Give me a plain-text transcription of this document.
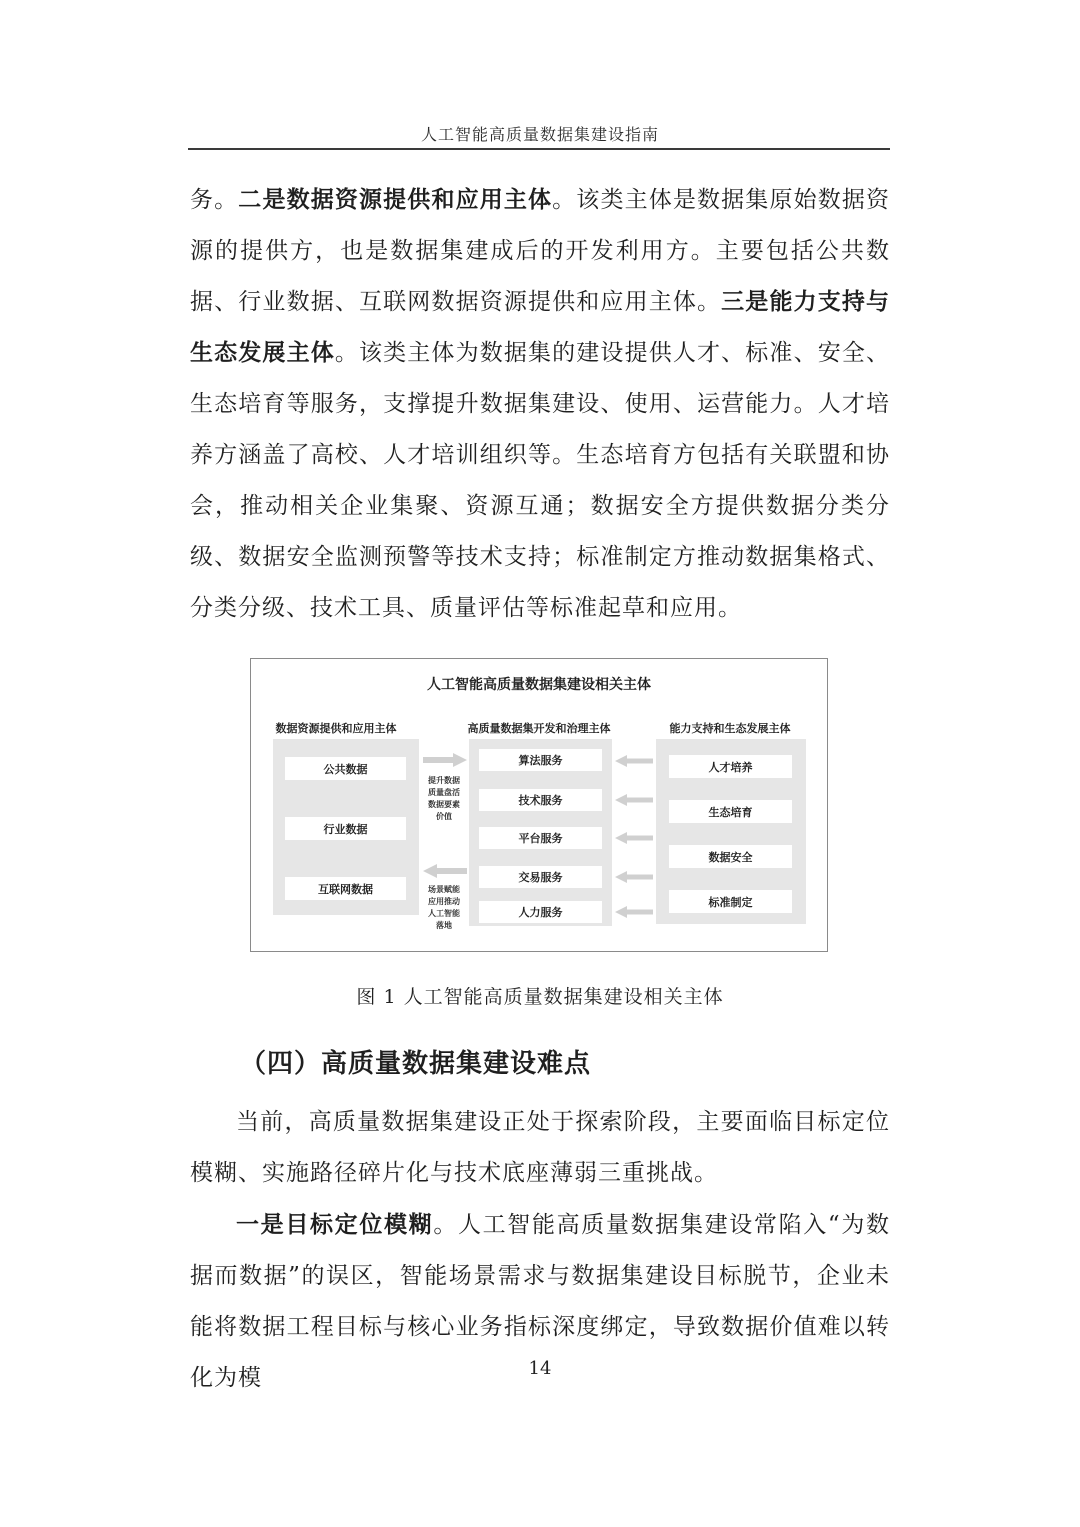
人工智能高质量数据集建设指南

务。二是数据资源提供和应用主体。该类主体是数据集原始数据资源的提供方，也是数据集建成后的开发利用方。主要包括公共数据、行业数据、互联网数据资源提供和应用主体。三是能力支持与生态发展主体。该类主体为数据集的建设提供人才、标准、安全、生态培育等服务，支撑提升数据集建设、使用、运营能力。人才培养方涵盖了高校、人才培训组织等。生态培育方包括有关联盟和协会，推动相关企业集聚、资源互通；数据安全方提供数据分类分级、数据安全监测预警等技术支持；标准制定方推动数据集格式、分类分级、技术工具、质量评估等标准起草和应用。

人工智能高质量数据集建设相关主体
数据资源提供和应用主体	高质量数据集开发和治理主体	能力支持和生态发展主体
公共数据
行业数据
互联网数据
算法服务
技术服务
平台服务
交易服务
人力服务
人才培养
生态培育
数据安全
标准制定
提升数据
质量盘活
数据要素
价值
场景赋能
应用推动
人工智能
落地
图 1 人工智能高质量数据集建设相关主体
（四）高质量数据集建设难点

当前，高质量数据集建设正处于探索阶段，主要面临目标定位模糊、实施路径碎片化与技术底座薄弱三重挑战。

一是目标定位模糊。人工智能高质量数据集建设常陷入“为数据而数据”的误区，智能场景需求与数据集建设目标脱节，企业未能将数据工程目标与核心业务指标深度绑定，导致数据价值难以转化为模	14
